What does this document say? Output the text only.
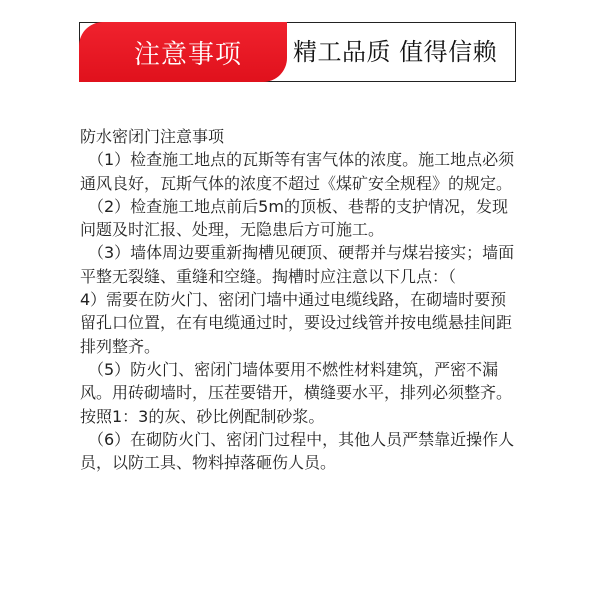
注意事项 精工品质 值得信赖

防水密闭门注意事项

（1）检查施工地点的瓦斯等有害气体的浓度。施工地点必须通风良好，瓦斯气体的浓度不超过《煤矿安全规程》的规定。

（2）检查施工地点前后5m的顶板、巷帮的支护情况，发现问题及时汇报、处理，无隐患后方可施工。

（3）墙体周边要重新掏槽见硬顶、硬帮并与煤岩接实；墙面平整无裂缝、重缝和空缝。掏槽时应注意以下几点：（

4）需要在防火门、密闭门墙中通过电缆线路，在砌墙时要预留孔口位置，在有电缆通过时，要设过线管并按电缆悬挂间距排列整齐。

（5）防火门、密闭门墙体要用不燃性材料建筑，严密不漏风。用砖砌墙时，压茬要错开，横缝要水平，排列必须整齐。按照1：3的灰、砂比例配制砂浆。

（6）在砌防火门、密闭门过程中，其他人员严禁靠近操作人员，以防工具、物料掉落砸伤人员。
